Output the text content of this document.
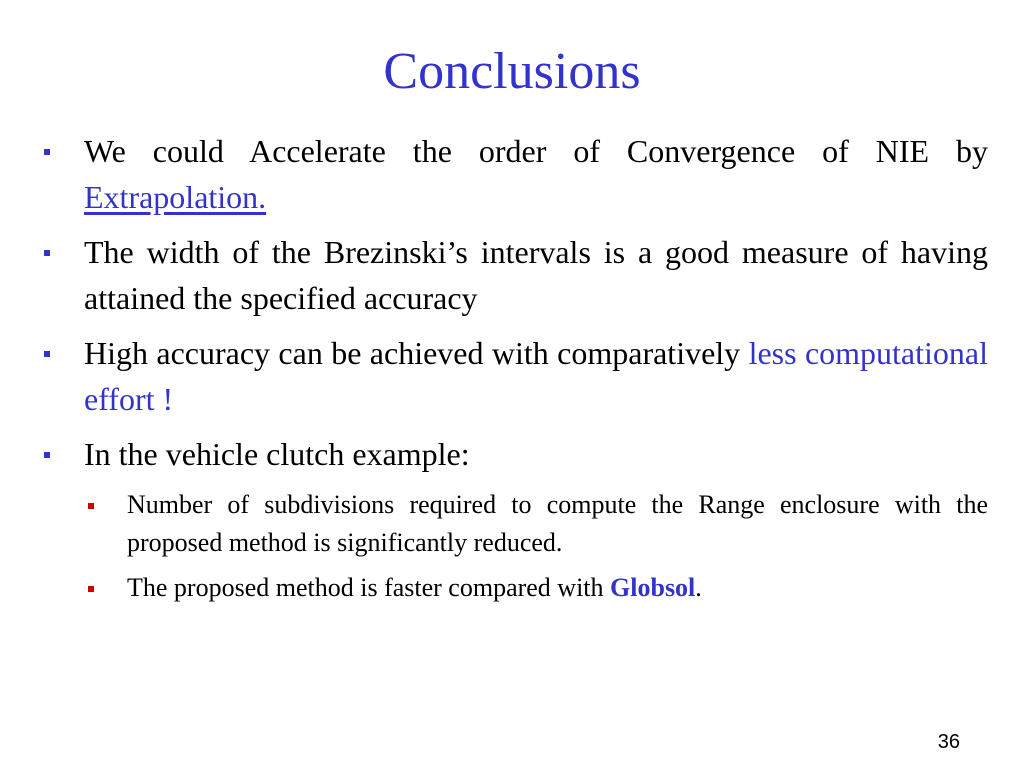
Conclusions
We could Accelerate the order of Convergence of NIE by Extrapolation.
The width of the Brezinski’s intervals is a good measure of having attained the specified accuracy
High accuracy can be achieved with comparatively less computational effort !
In the vehicle clutch example:
Number of subdivisions required to compute the Range enclosure with the proposed method is significantly reduced.
The proposed method is faster compared with Globsol.
36
